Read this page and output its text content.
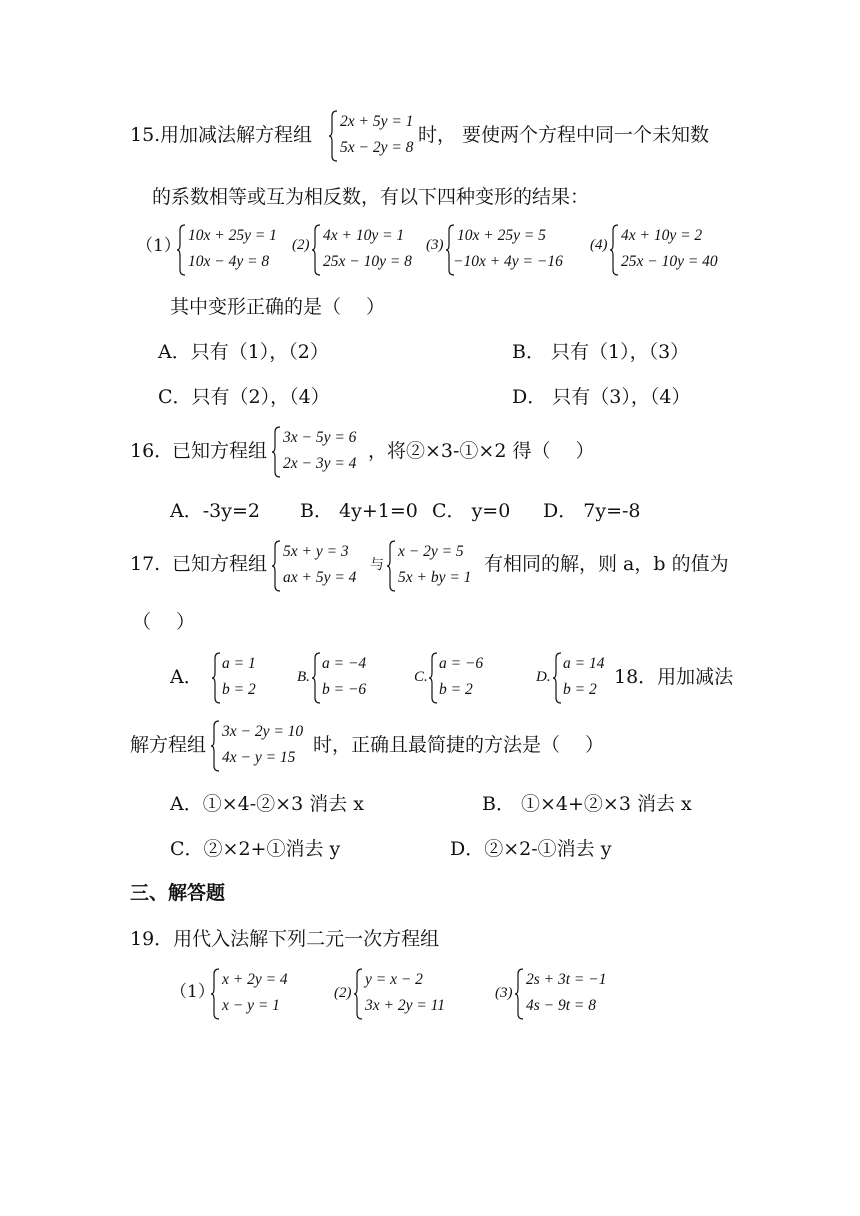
15. 用加减法解方程组
2x + 5y = 1
5x − 2y = 8
时， 要使两个方程中同一个未知数
的系数相等或互为相反数，有以下四种变形的结果：
（1）
10x + 25y = 1
10x − 4y = 8
(2)
4x + 10y = 1
25x − 10y = 8
(3)
10x + 25y = 5
−10x + 4y = −16
(4)
4x + 10y = 2
25x − 10y = 40
其中变形正确的是（　 ）
A．只有（1），（2）	B． 只有（1），（3）
C．只有（2），（4）	D． 只有（3），（4）
16．
已知方程组
3x − 5y = 6
2x − 3y = 4
，将②×3-①×2 得（　 ）
A．-3y=2 B． 4y+1=0 C． y=0 D． 7y=-8
17. 已知方程组
5x + y = 3
ax + 5y = 4
与
x − 2y = 5
5x + by = 1
有相同的解，则 a，b 的值为
（　 ）
A．
a = 1
b = 2
B.
a = −4
b = −6
C.
a = −6
b = 2
D.
a = 14
b = 2
18．用加减法
解方程组
3x − 2y = 10
4x − y = 15
时，正确且最简捷的方法是（　 ）
A．①×4-②×3 消去 x	B． ①×4+②×3 消去 x
C．②×2+①消去 y	D．②×2-①消去 y
三、解答题
19．用代入法解下列二元一次方程组
（1）
x + 2y = 4
x − y = 1
(2)
y = x − 2
3x + 2y = 11
(3)
2s + 3t = −1
4s − 9t = 8
